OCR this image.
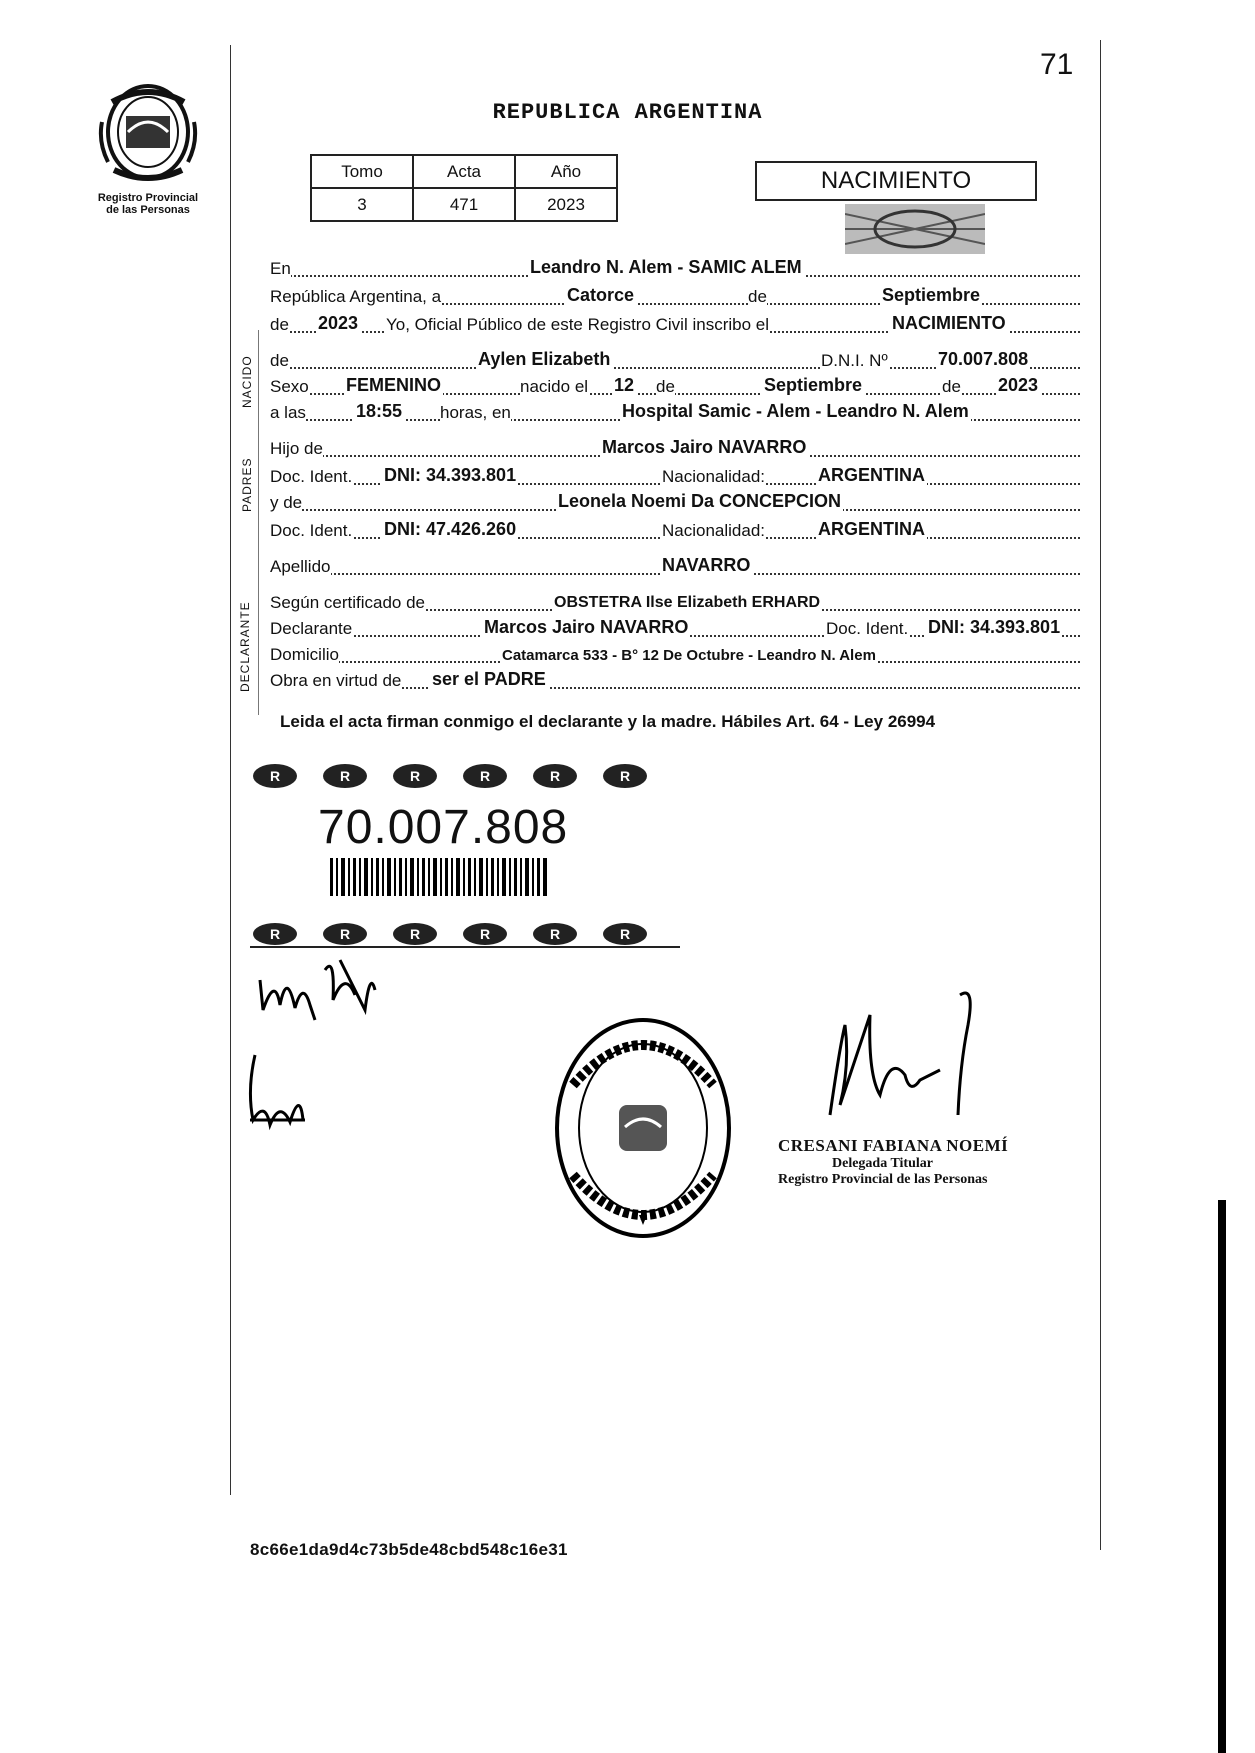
Registro Provincial
de las Personas
71
REPUBLICA ARGENTINA
Tomo	Acta	Año
3	471	2023
NACIMIENTO
En	Leandro N. Alem - SAMIC ALEM
República Argentina, a	Catorce	de	Septiembre
de 2023 Yo, Oficial Público de este Registro Civil inscribo el	NACIMIENTO
NACIDO de	Aylen Elizabeth	D.N.I. Nº	70.007.808
Sexo FEMENINO	nacido el 12 de	Septiembre	de 2023
a las	18:55 horas, en	Hospital Samic - Alem - Leandro N. Alem
PADRES
Hijo de	Marcos Jairo NAVARRO
Doc. Ident. DNI: 34.393.801	Nacionalidad:	ARGENTINA
y de	Leonela Noemi Da CONCEPCION
Doc. Ident. DNI: 47.426.260	Nacionalidad:	ARGENTINA
Apellido	NAVARRO
DECLARANTE Según certificado de	OBSTETRA Ilse Elizabeth ERHARD
Declarante	Marcos Jairo NAVARRO	Doc. Ident. DNI: 34.393.801
Domicilio	Catamarca 533 - B° 12 De Octubre - Leandro N. Alem
Obra en virtud de ser el PADRE
Leida el acta firman conmigo el declarante y la madre. Hábiles Art. 64 - Ley 26994
R	R	R	R	R	R
70.007.808
R	R	R	R	R	R
CRESANI FABIANA NOEMÍ
Delegada Titular
Registro Provincial de las Personas
8c66e1da9d4c73b5de48cbd548c16e31
